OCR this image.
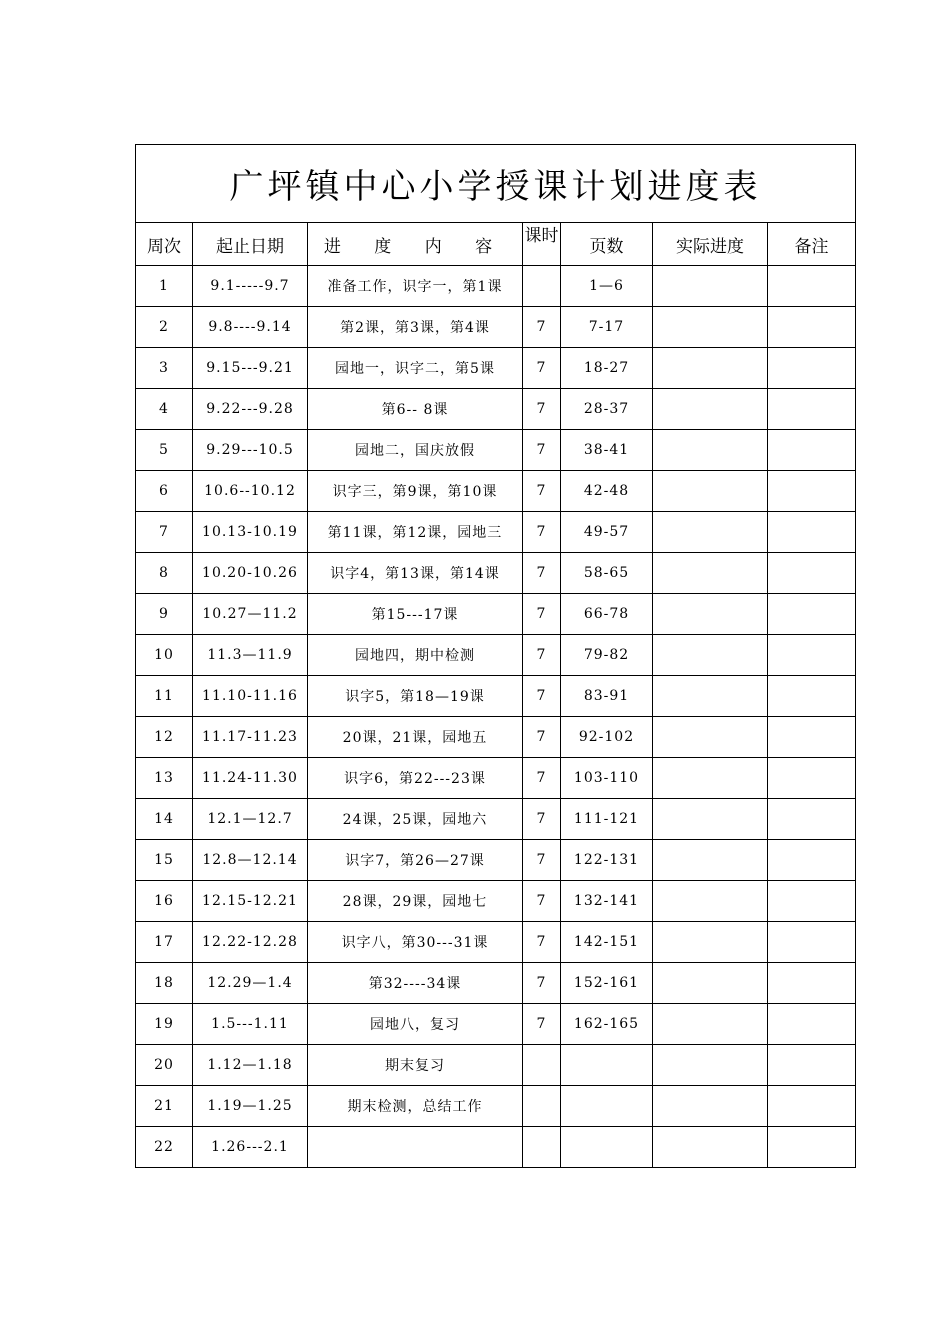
广坪镇中心小学授课计划进度表						
周次	起止日期	进 度 内 容	课时	页数	实际进度	备注
1	9.1-----9.7	准备工作，识字一，第1课		1—6		
2	9.8----9.14	第2课，第3课，第4课	7	7-17		
3	9.15---9.21	园地一，识字二，第5课	7	18-27		
4	9.22---9.28	第6-- 8课	7	28-37		
5	9.29---10.5	园地二，国庆放假	7	38-41		
6	10.6--10.12	识字三，第9课，第10课	7	42-48		
7	10.13-10.19	第11课，第12课，园地三	7	49-57		
8	10.20-10.26	识字4，第13课，第14课	7	58-65		
9	10.27—11.2	第15---17课	7	66-78		
10	11.3—11.9	园地四，期中检测	7	79-82		
11	11.10-11.16	识字5，第18—19课	7	83-91		
12	11.17-11.23	20课，21课，园地五	7	92-102		
13	11.24-11.30	识字6，第22---23课	7	103-110		
14	12.1—12.7	24课，25课，园地六	7	111-121		
15	12.8—12.14	识字7，第26—27课	7	122-131		
16	12.15-12.21	28课，29课，园地七	7	132-141		
17	12.22-12.28	识字八，第30---31课	7	142-151		
18	12.29—1.4	第32----34课	7	152-161		
19	1.5---1.11	园地八，复习	7	162-165		
20	1.12—1.18	期末复习				
21	1.19—1.25	期末检测，总结工作				
22	1.26---2.1					
